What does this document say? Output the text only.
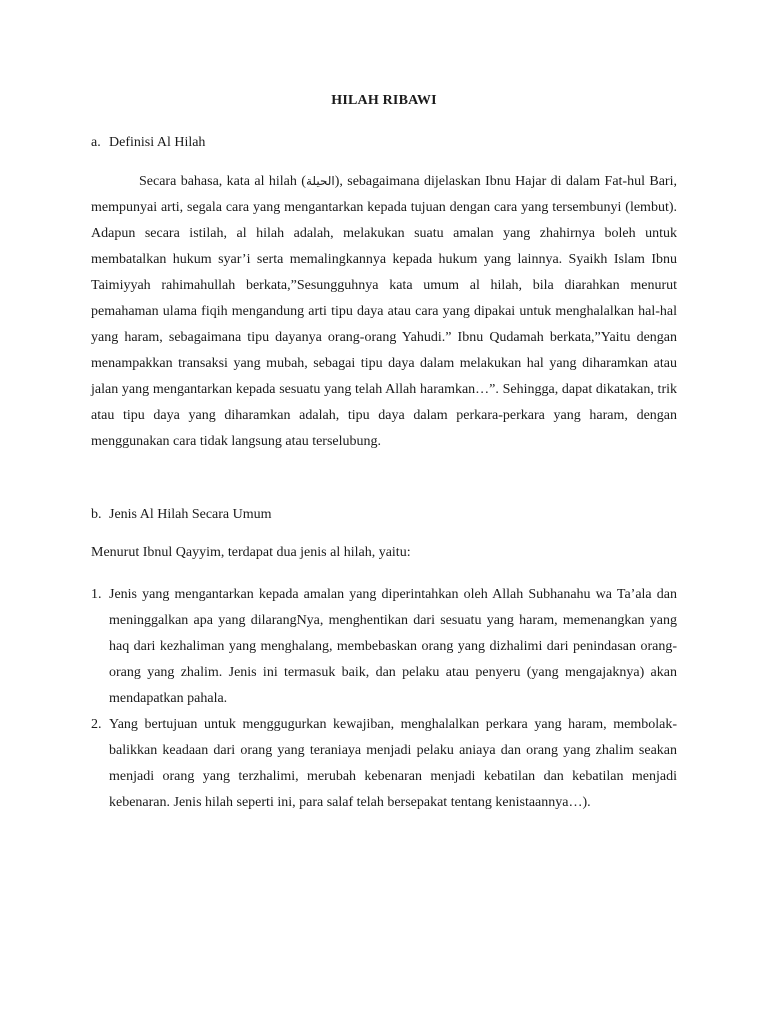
HILAH RIBAWI
a. Definisi Al Hilah
Secara bahasa, kata al hilah (الحيلة), sebagaimana dijelaskan Ibnu Hajar di dalam Fat-hul Bari, mempunyai arti, segala cara yang mengantarkan kepada tujuan dengan cara yang tersembunyi (lembut). Adapun secara istilah, al hilah adalah, melakukan suatu amalan yang zhahirnya boleh untuk membatalkan hukum syar’i serta memalingkannya kepada hukum yang lainnya. Syaikh Islam Ibnu Taimiyyah rahimahullah berkata,”Sesungguhnya kata umum al hilah, bila diarahkan menurut pemahaman ulama fiqih mengandung arti tipu daya atau cara yang dipakai untuk menghalalkan hal-hal yang haram, sebagaimana tipu dayanya orang-orang Yahudi.” Ibnu Qudamah berkata,”Yaitu dengan menampakkan transaksi yang mubah, sebagai tipu daya dalam melakukan hal yang diharamkan atau jalan yang mengantarkan kepada sesuatu yang telah Allah haramkan…”. Sehingga, dapat dikatakan, trik atau tipu daya yang diharamkan adalah, tipu daya dalam perkara-perkara yang haram, dengan menggunakan cara tidak langsung atau terselubung.
b. Jenis Al Hilah Secara Umum
Menurut Ibnul Qayyim, terdapat dua jenis al hilah, yaitu:
1. Jenis yang mengantarkan kepada amalan yang diperintahkan oleh Allah Subhanahu wa Ta’ala dan meninggalkan apa yang dilarangNya, menghentikan dari sesuatu yang haram, memenangkan yang haq dari kezhaliman yang menghalang, membebaskan orang yang dizhalimi dari penindasan orang-orang yang zhalim. Jenis ini termasuk baik, dan pelaku atau penyeru (yang mengajaknya) akan mendapatkan pahala.
2. Yang bertujuan untuk menggugurkan kewajiban, menghalalkan perkara yang haram, membolak-balikkan keadaan dari orang yang teraniaya menjadi pelaku aniaya dan orang yang zhalim seakan menjadi orang yang terzhalimi, merubah kebenaran menjadi kebatilan dan kebatilan menjadi kebenaran. Jenis hilah seperti ini, para salaf telah bersepakat tentang kenistaannya…).
